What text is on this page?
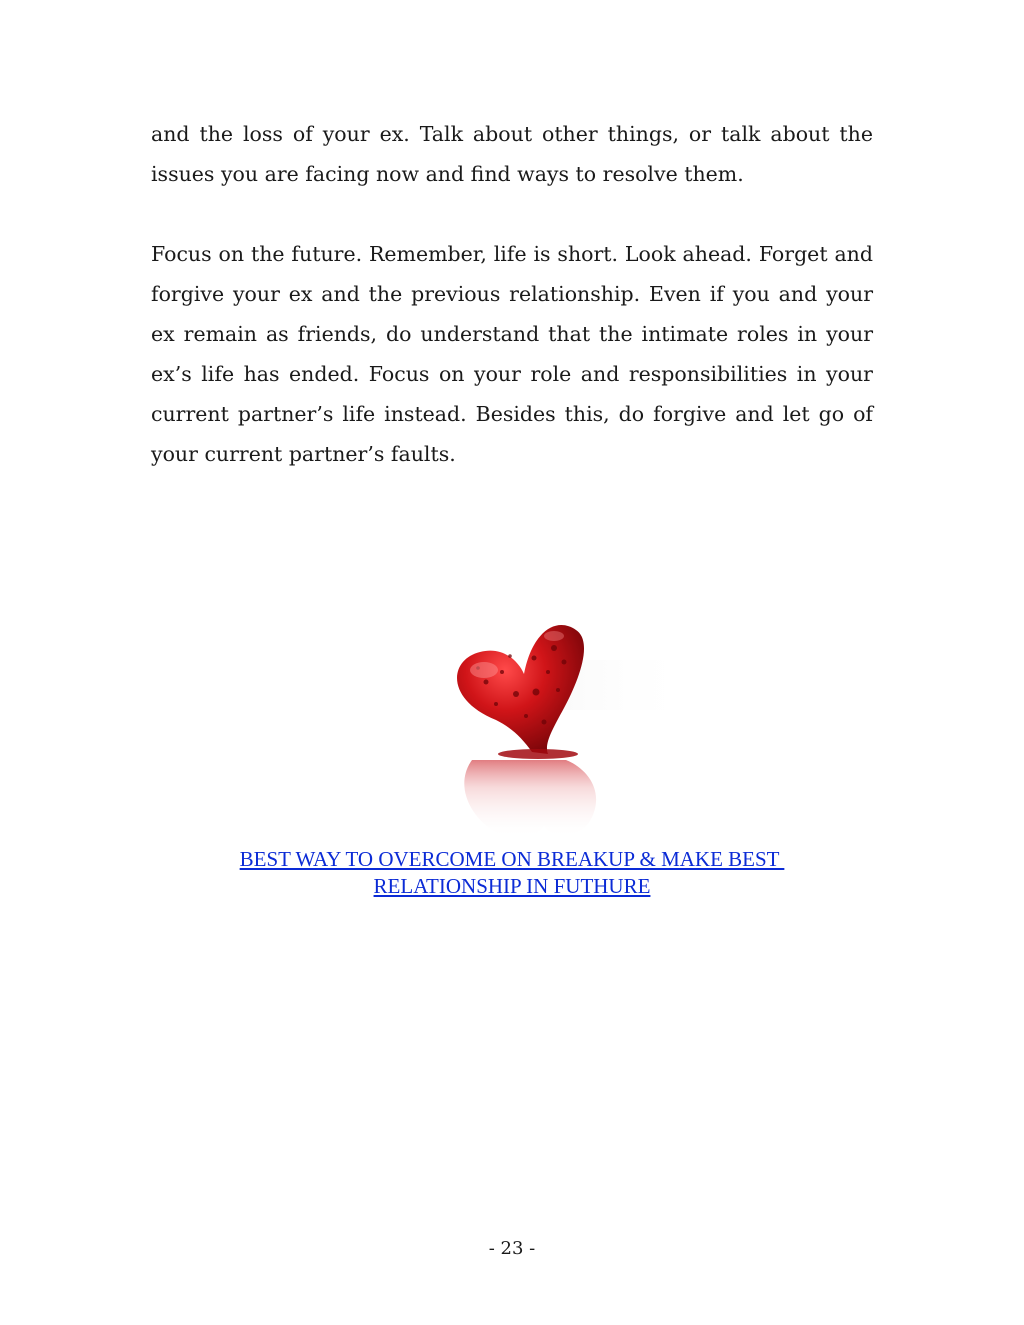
and the loss of your ex. Talk about other things, or talk about the issues you are facing now and find ways to resolve them.

Focus on the future. Remember, life is short. Look ahead. Forget and forgive your ex and the previous relationship. Even if you and your ex remain as friends, do understand that the intimate roles in your ex’s life has ended. Focus on your role and responsibilities in your current partner’s life instead. Besides this, do forgive and let go of your current partner’s faults.

BEST WAY TO OVERCOME ON BREAKUP & MAKE BEST
RELATIONSHIP IN FUTHURE
- 23 -
